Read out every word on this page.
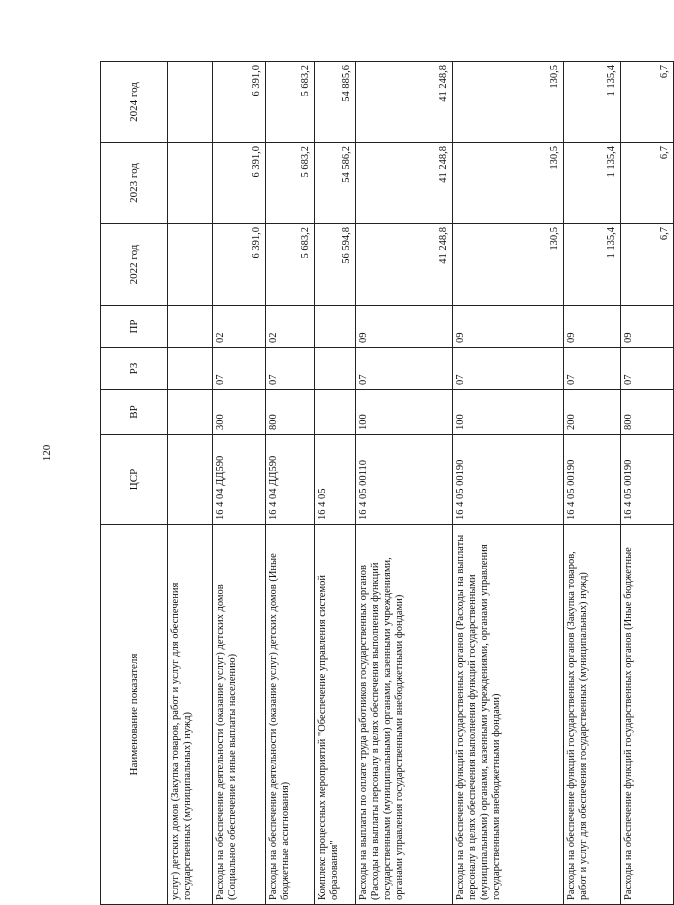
120
Наименование показателя	ЦСР	ВР	РЗ	ПР	2022 год	2023 год	2024 год
услуг) детских домов (Закупка товаров, работ и услуг для обеспечения государственных (муниципальных) нужд)							
Расходы на обеспечение деятельности (оказание услуг) детских домов (Социальное обеспечение и иные выплаты населению)	16 4 04 ДД590	300	07	02	6 391,0	6 391,0	6 391,0
Расходы на обеспечение деятельности (оказание услуг) детских домов (Иные бюджетные ассигнования)	16 4 04 ДД590	800	07	02	5 683,2	5 683,2	5 683,2
Комплекс процессных мероприятий "Обеспечение управления системой образования"	16 4 05				56 594,8	54 586,2	54 885,6
Расходы на выплаты по оплате труда работников государственных органов (Расходы на выплаты персоналу в целях обеспечения выполнения функций государственными (муниципальными) органами, казенными учреждениями, органами управления государственными внебюджетными фондами)	16 4 05 00110	100	07	09	41 248,8	41 248,8	41 248,8
Расходы на обеспечение функций государственных органов (Расходы на выплаты персоналу в целях обеспечения выполнения функций государственными (муниципальными) органами, казенными учреждениями, органами управления государственными внебюджетными фондами)	16 4 05 00190	100	07	09	130,5	130,5	130,5
Расходы на обеспечение функций государственных органов (Закупка товаров, работ и услуг для обеспечения государственных (муниципальных) нужд)	16 4 05 00190	200	07	09	1 135,4	1 135,4	1 135,4
Расходы на обеспечение функций государственных органов (Иные бюджетные	16 4 05 00190	800	07	09	6,7	6,7	6,7
